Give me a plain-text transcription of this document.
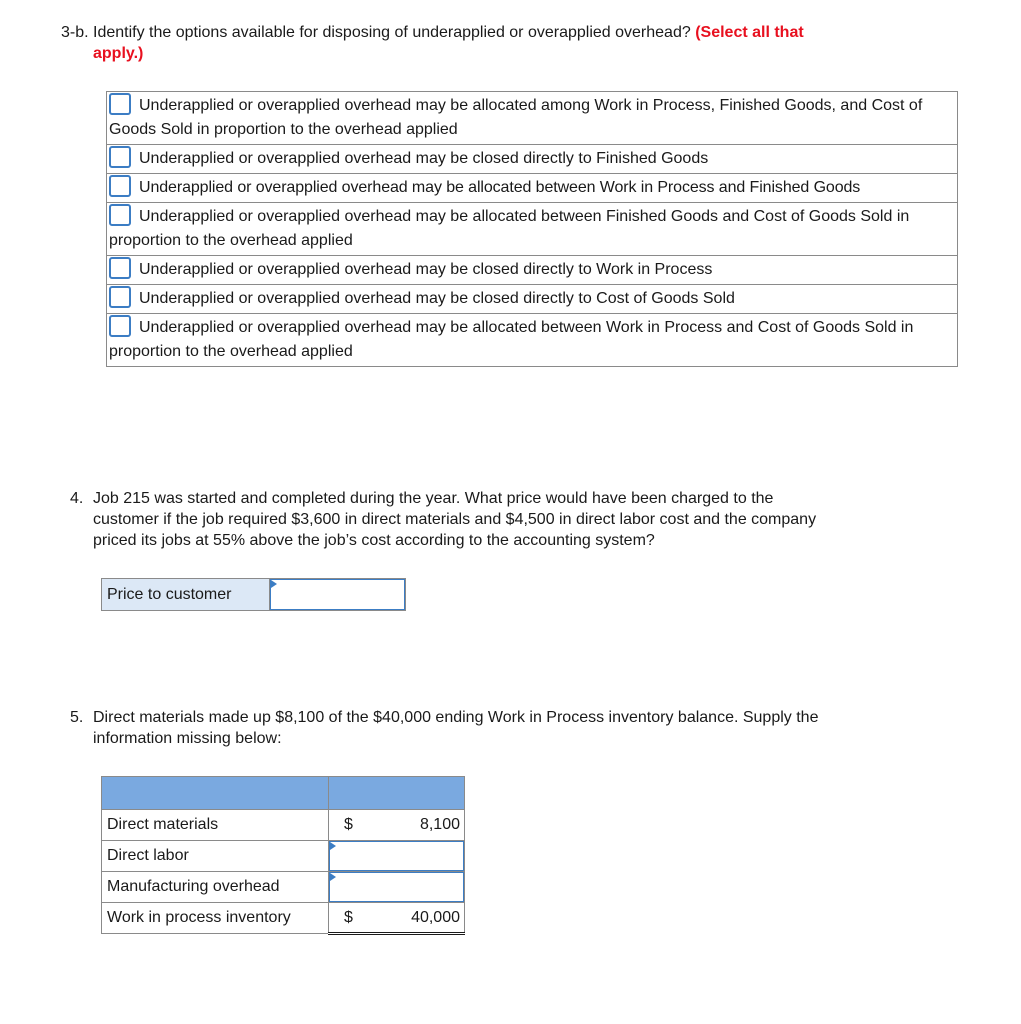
3-b. Identify the options available for disposing of underapplied or overapplied overhead? (Select all that
apply.)
Underapplied or overapplied overhead may be allocated among Work in Process, Finished Goods, and Cost of Goods Sold in proportion to the overhead applied
Underapplied or overapplied overhead may be closed directly to Finished Goods
Underapplied or overapplied overhead may be allocated between Work in Process and Finished Goods
Underapplied or overapplied overhead may be allocated between Finished Goods and Cost of Goods Sold in proportion to the overhead applied
Underapplied or overapplied overhead may be closed directly to Work in Process
Underapplied or overapplied overhead may be closed directly to Cost of Goods Sold
Underapplied or overapplied overhead may be allocated between Work in Process and Cost of Goods Sold in proportion to the overhead applied
4. Job 215 was started and completed during the year. What price would have been charged to the
customer if the job required $3,600 in direct materials and $4,500 in direct labor cost and the company
priced its jobs at 55% above the job’s cost according to the accounting system?
Price to customer
5. Direct materials made up $8,100 of the $40,000 ending Work in Process inventory balance. Supply the
information missing below:

Direct materials	$	8,100
Direct labor		

Manufacturing overhead		

Work in process inventory	$	40,000
